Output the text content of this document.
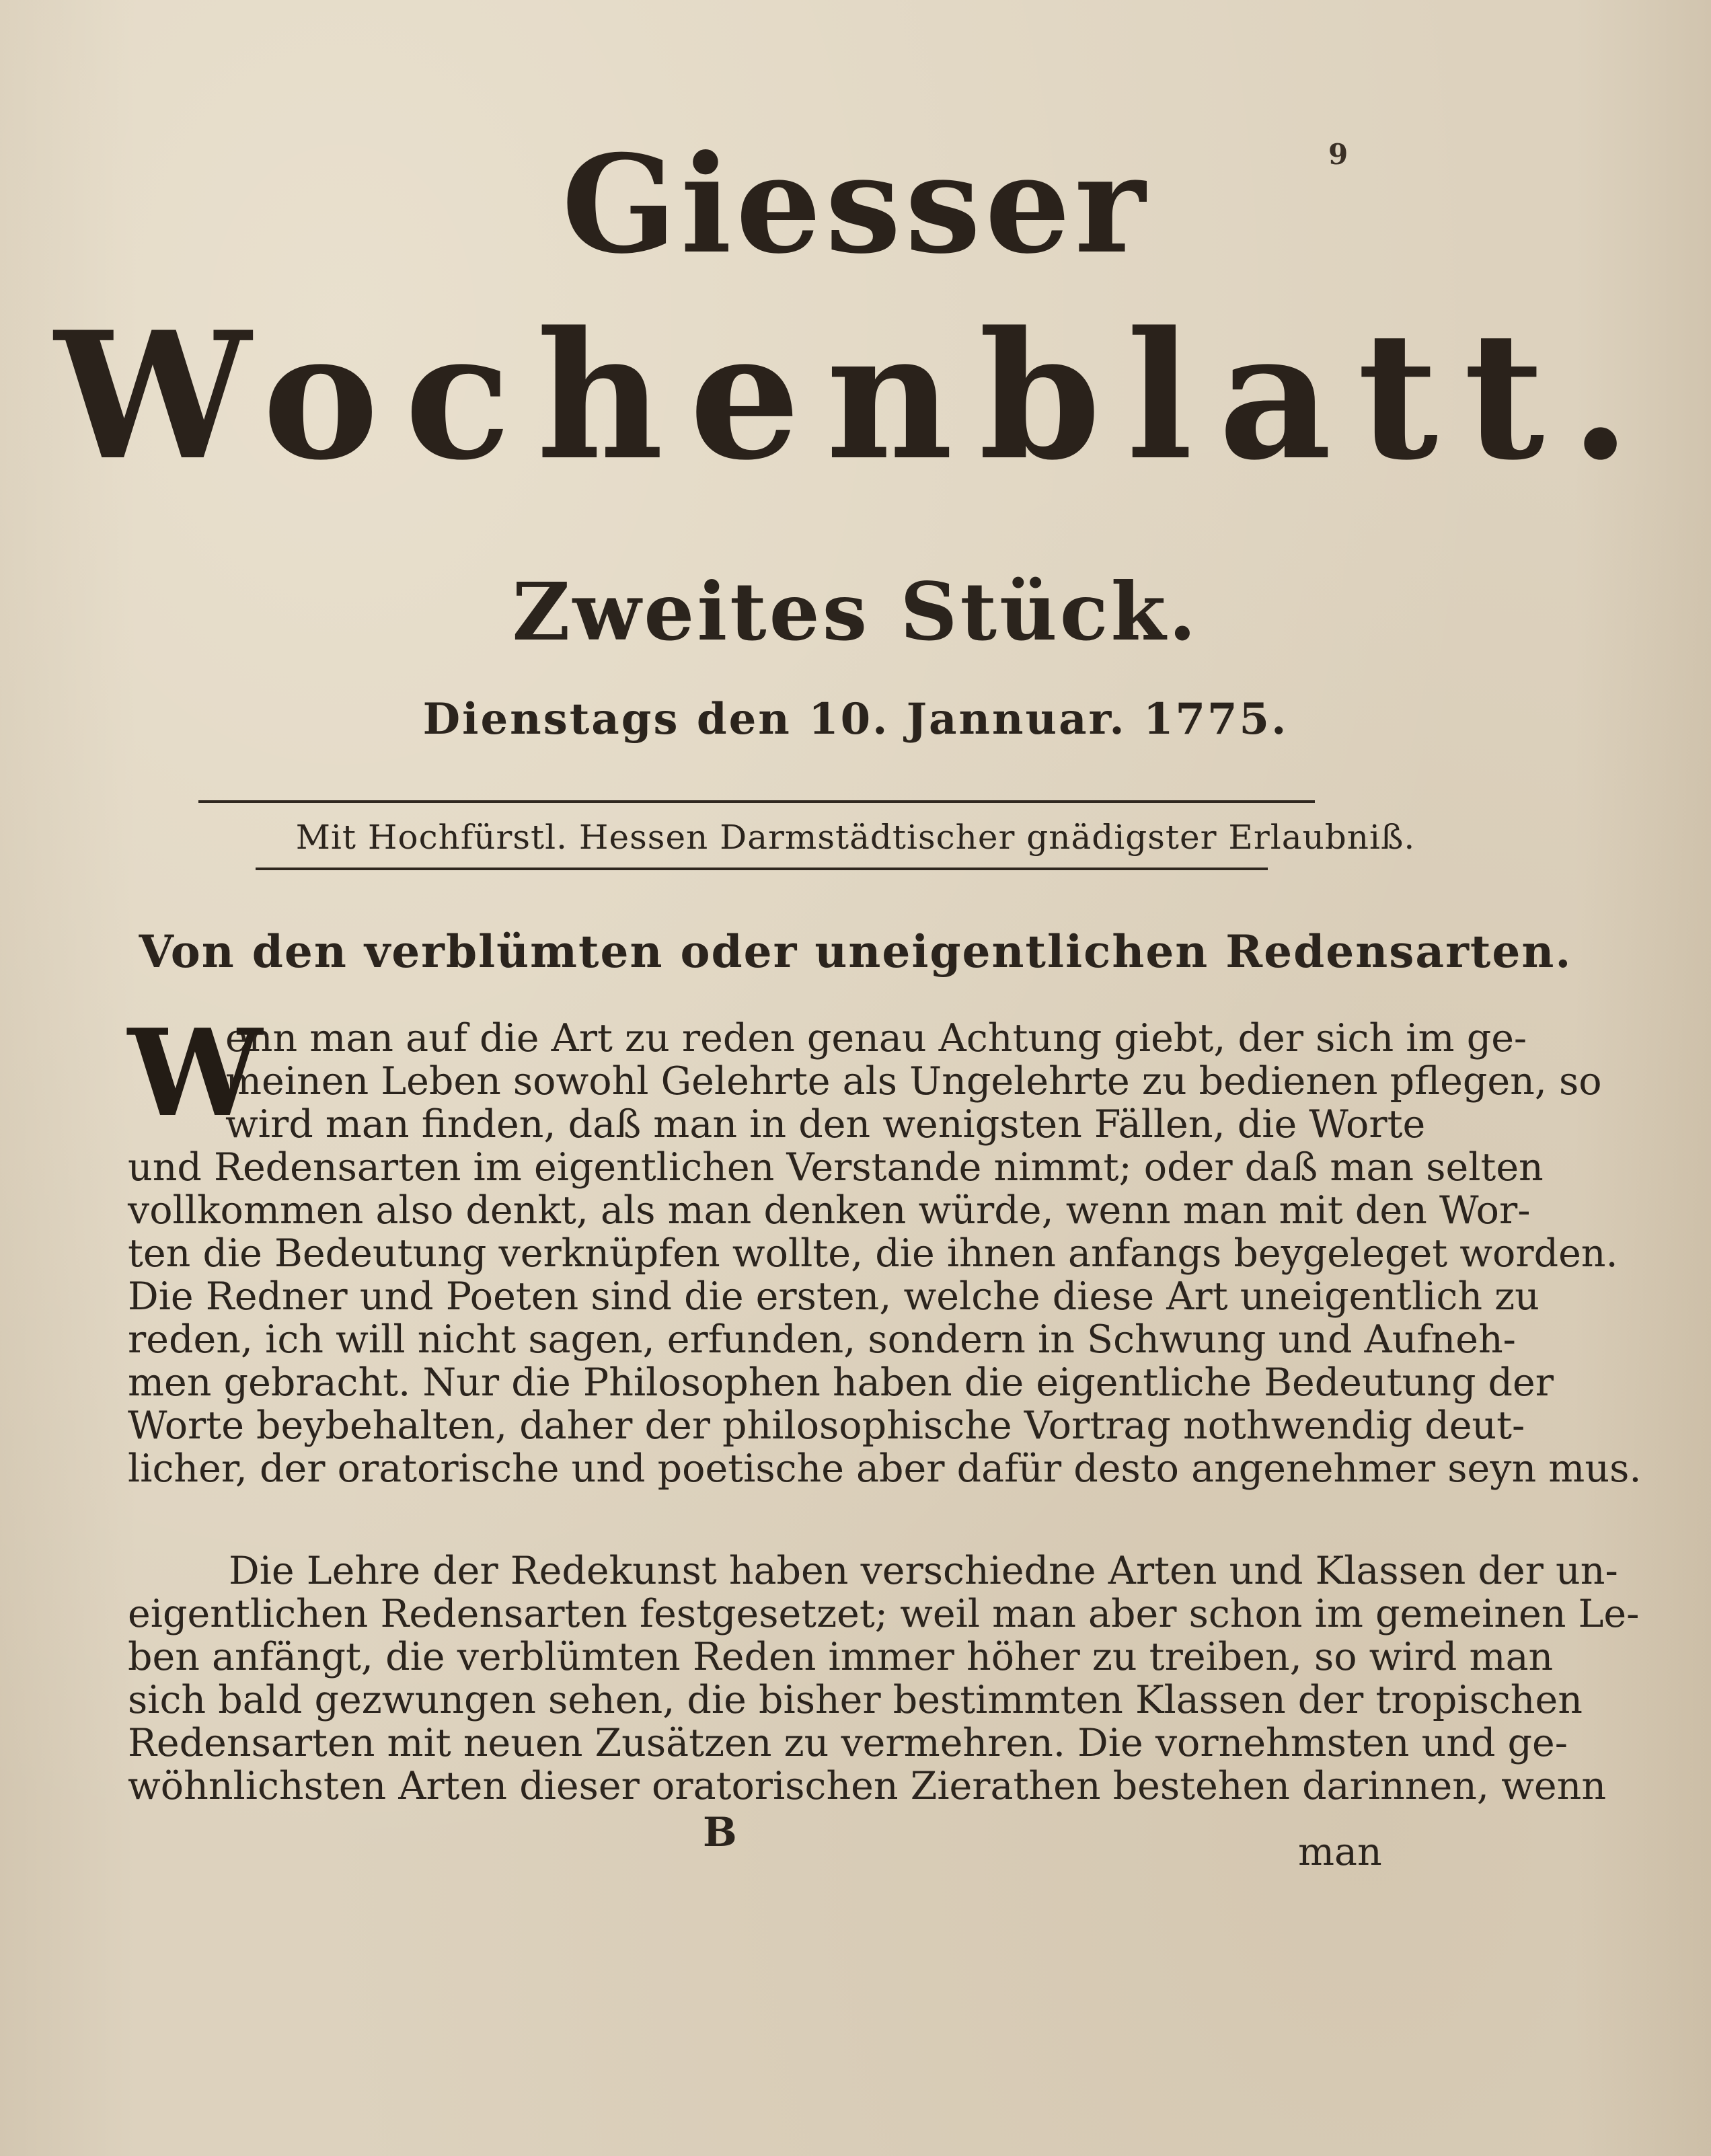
9
Giesser
Wochenblatt.
Zweites Stück.
Dienstags den 10. Jannuar. 1775.
Mit Hochfürstl. Hessen Darmstädtischer gnädigster Erlaubniß.
Von den verblümten oder uneigentlichen Redensarten.
W
enn man auf die Art zu reden genau Achtung giebt, der sich im ge-
meinen Leben sowohl Gelehrte als Ungelehrte zu bedienen pflegen, so
wird man finden, daß man in den wenigsten Fällen, die Worte
und Redensarten im eigentlichen Verstande nimmt; oder daß man selten
vollkommen also denkt, als man denken würde, wenn man mit den Wor-
ten die Bedeutung verknüpfen wollte, die ihnen anfangs beygeleget worden.
Die Redner und Poeten sind die ersten, welche diese Art uneigentlich zu
reden, ich will nicht sagen, erfunden, sondern in Schwung und Aufneh-
men gebracht. Nur die Philosophen haben die eigentliche Bedeutung der
Worte beybehalten, daher der philosophische Vortrag nothwendig deut-
licher, der oratorische und poetische aber dafür desto angenehmer seyn mus.
Die Lehre der Redekunst haben verschiedne Arten und Klassen der un-
eigentlichen Redensarten festgesetzet; weil man aber schon im gemeinen Le-
ben anfängt, die verblümten Reden immer höher zu treiben, so wird man
sich bald gezwungen sehen, die bisher bestimmten Klassen der tropischen
Redensarten mit neuen Zusätzen zu vermehren. Die vornehmsten und ge-
wöhnlichsten Arten dieser oratorischen Zierathen bestehen darinnen, wenn
B	man
